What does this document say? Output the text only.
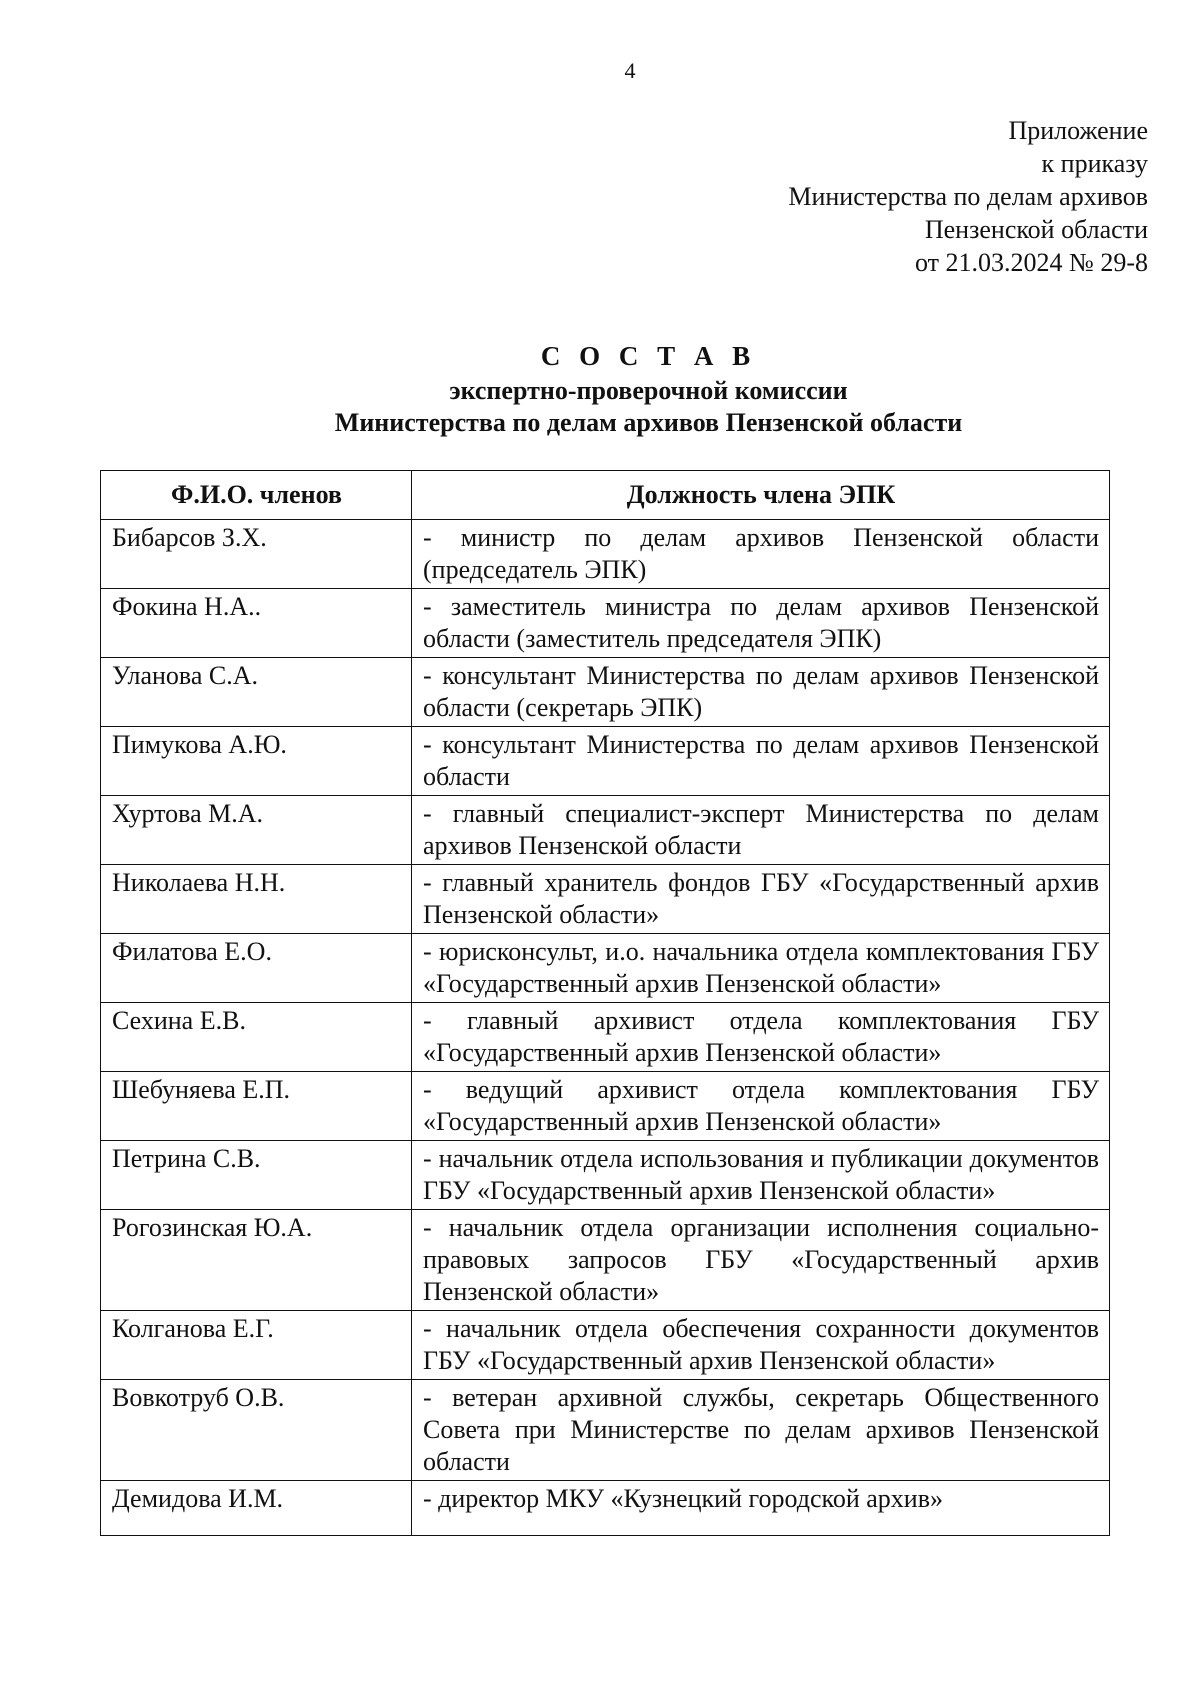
4
Приложение
к приказу
Министерства по делам архивов
Пензенской области
от 21.03.2024 № 29-8
С О С Т А В
экспертно-проверочной комиссии
Министерства по делам архивов Пензенской области
Ф.И.О. членов	Должность члена ЭПК
Бибарсов З.Х.	- министр по делам архивов Пензенской области (председатель ЭПК)
Фокина Н.А..	- заместитель министра по делам архивов Пензенской области (заместитель председателя ЭПК)
Уланова С.А.	- консультант Министерства по делам архивов Пензенской области (секретарь ЭПК)
Пимукова А.Ю.	- консультант Министерства по делам архивов Пензенской области
Хуртова М.А.	- главный специалист-эксперт Министерства по делам архивов Пензенской области
Николаева Н.Н.	- главный хранитель фондов ГБУ «Государственный архив Пензенской области»
Филатова Е.О.	- юрисконсульт, и.о. начальника отдела комплектования ГБУ «Государственный архив Пензенской области»
Сехина Е.В.	- главный архивист отдела комплектования ГБУ «Государственный архив Пензенской области»
Шебуняева Е.П.	- ведущий архивист отдела комплектования ГБУ «Государственный архив Пензенской области»
Петрина С.В.	- начальник отдела использования и публикации документов ГБУ «Государственный архив Пензенской области»
Рогозинская Ю.А.	- начальник отдела организации исполнения социально-правовых запросов ГБУ «Государственный архив Пензенской области»
Колганова Е.Г.	- начальник отдела обеспечения сохранности документов ГБУ «Государственный архив Пензенской области»
Вовкотруб О.В.	- ветеран архивной службы, секретарь Общественного Совета при Министерстве по делам архивов Пензенской области
Демидова И.М.	- директор МКУ «Кузнецкий городской архив»
